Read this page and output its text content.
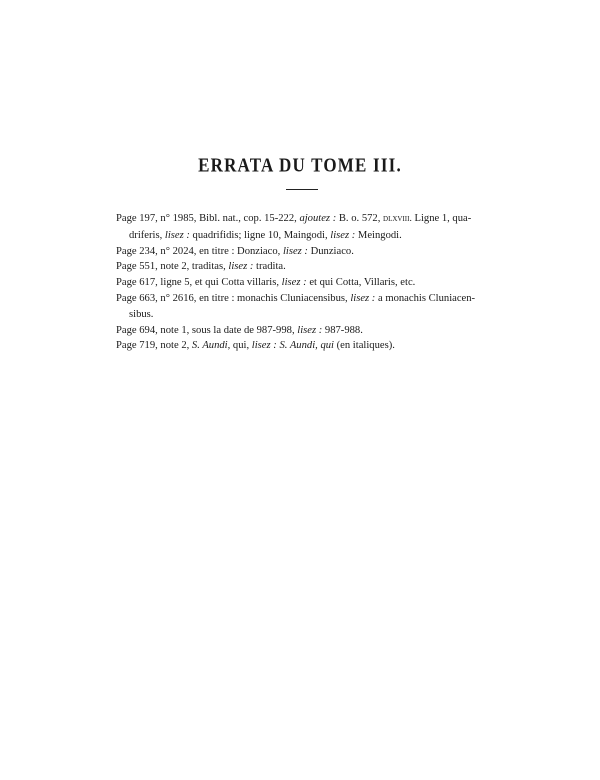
ERRATA DU TOME III.
Page 197, n° 1985, Bibl. nat., cop. 15-222, ajoutez : B. o. 572, dlxviii. Ligne 1, qua-
driferis, lisez : quadrifidis; ligne 10, Maingodi, lisez : Meingodi.
Page 234, n° 2024, en titre : Donziaco, lisez : Dunziaco.
Page 551, note 2, traditas, lisez : tradita.
Page 617, ligne 5, et qui Cotta villaris, lisez : et qui Cotta, Villaris, etc.
Page 663, n° 2616, en titre : monachis Cluniacensibus, lisez : a monachis Cluniacen-
sibus.
Page 694, note 1, sous la date de 987-998, lisez : 987-988.
Page 719, note 2, S. Aundi, qui, lisez : S. Aundi, qui (en italiques).
